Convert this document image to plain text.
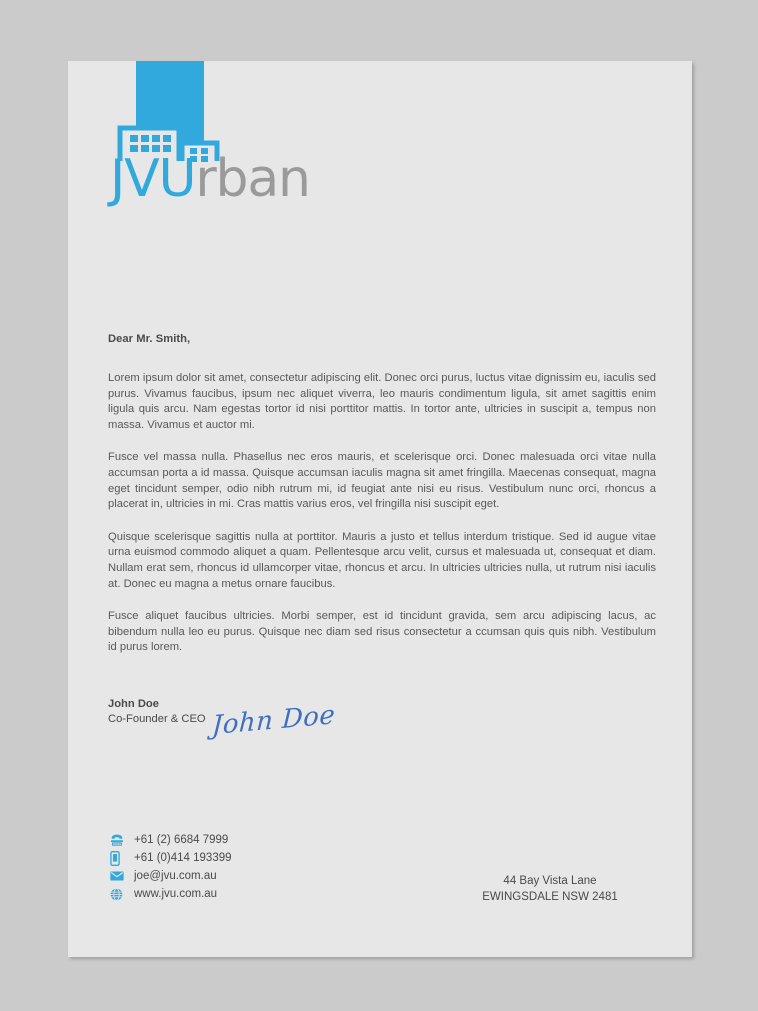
JVUrban
Dear Mr. Smith,

Lorem ipsum dolor sit amet, consectetur adipiscing elit. Donec orci purus, luctus vitae dignissim eu, iaculis sed purus. Vivamus faucibus, ipsum nec aliquet viverra, leo mauris condimentum ligula, sit amet sagittis enim ligula quis arcu. Nam egestas tortor id nisi porttitor mattis. In tortor ante, ultricies in suscipit a, tempus non massa. Vivamus et auctor mi.

Fusce vel massa nulla. Phasellus nec eros mauris, et scelerisque orci. Donec malesuada orci vitae nulla accumsan porta a id massa. Quisque accumsan iaculis magna sit amet fringilla. Maecenas consequat, magna eget tincidunt semper, odio nibh rutrum mi, id feugiat ante nisi eu risus. Vestibulum nunc orci, rhoncus a placerat in, ultricies in mi. Cras mattis varius eros, vel fringilla nisi suscipit eget.

Quisque scelerisque sagittis nulla at porttitor. Mauris a justo et tellus interdum tristique. Sed id augue vitae urna euismod commodo aliquet a quam. Pellentesque arcu velit, cursus et malesuada ut, consequat et diam. Nullam erat sem, rhoncus id ullamcorper vitae, rhoncus et arcu. In ultricies ultricies nulla, ut rutrum nisi iaculis at. Donec eu magna a metus ornare faucibus.

Fusce aliquet faucibus ultricies. Morbi semper, est id tincidunt gravida, sem arcu adipiscing lacus, ac bibendum nulla leo eu purus. Quisque nec diam sed risus consectetur a ccumsan quis quis nibh. Vestibulum id purus lorem.

John Doe
Co-Founder & CEO John Doe
+61 (2) 6684 7999
+61 (0)414 193399
joe@jvu.com.au
www.jvu.com.au
44 Bay Vista Lane
EWINGSDALE NSW 2481
